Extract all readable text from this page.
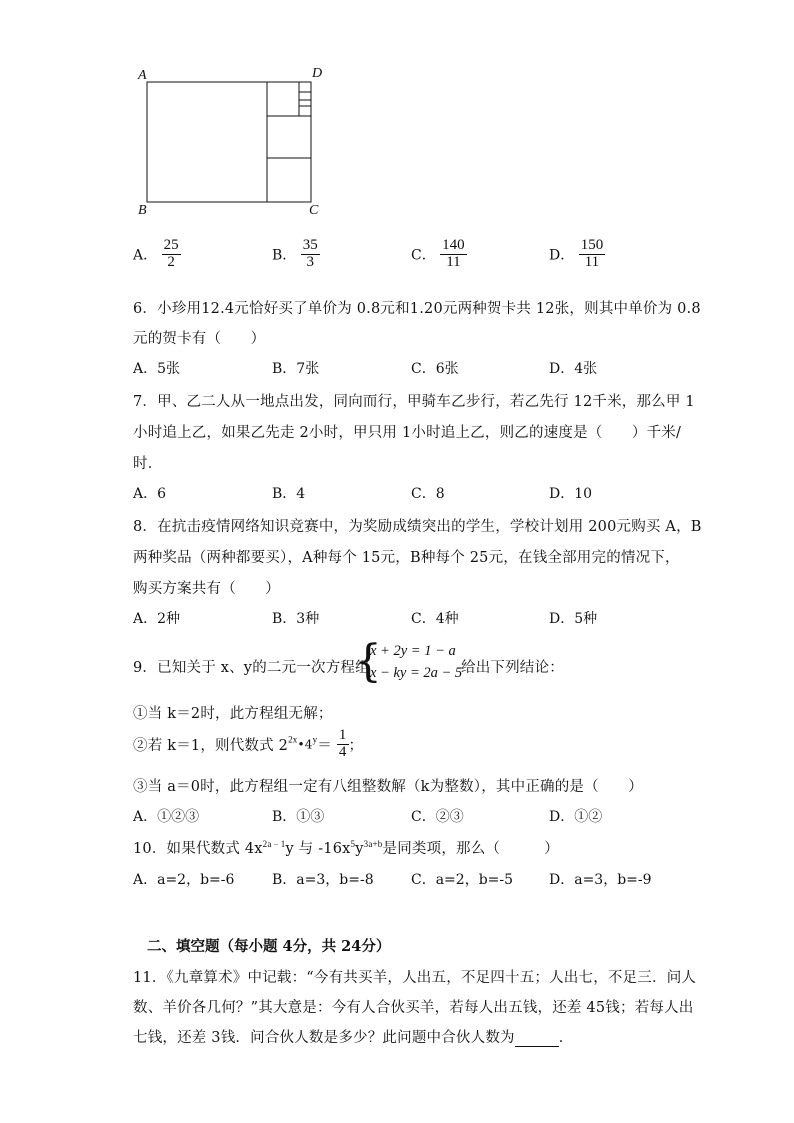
A	D
B	C
A． $\frac{25}{2}$	B． $\frac{35}{3}$	C． $\frac{140}{11}$	D． $\frac{150}{11}$
6．小珍用12.4元恰好买了单价为 0.8元和1.20元两种贺卡共 12张，则其中单价为 0.8
元的贺卡有（　　）
A．5张	B．7张	C．6张	D．4张
7．甲、乙二人从一地点出发，同向而行，甲骑车乙步行，若乙先行 12千米，那么甲 1
小时追上乙，如果乙先走 2小时，甲只用 1小时追上乙，则乙的速度是（　　）千米/
时．
A．6	B．4	C．8	D．10
8．在抗击疫情网络知识竞赛中，为奖励成绩突出的学生，学校计划用 200元购买 A，B
两种奖品（两种都要买），A种每个 15元，B种每个 25元，在钱全部用完的情况下，
购买方案共有（　　）
A．2种	B．3种	C．4种	D．5种
9．已知关于 x、y的二元一次方程组
{
x + 2y = 1 − a
x − ky = 2a − 5
给出下列结论：
①当 k＝2时，此方程组无解；
②若 k＝1，则代数式 $2^{2x}•4^y= \frac{1}{4}$ ；
③当 a＝0时，此方程组一定有八组整数解（k为整数），其中正确的是（　　）
A．①②③	B．①③	C．②③	D．①②
10．如果代数式 $4x^{2a﹣1}y$ 与 $-16x^5y^{3a+b}$是同类项，那么（　　　）
A．a=2，b=-6	B．a=3，b=-8	C．a=2，b=-5	D．a=3，b=-9
二、填空题（每小题 4分，共 24分）
11．《九章算术》中记载：“今有共买羊，人出五，不足四十五；人出七，不足三．问人
数、羊价各几何？”其大意是：今有人合伙买羊，若每人出五钱，还差 45钱；若每人出
七钱，还差 3钱．问合伙人数是多少？此问题中合伙人数为	．
